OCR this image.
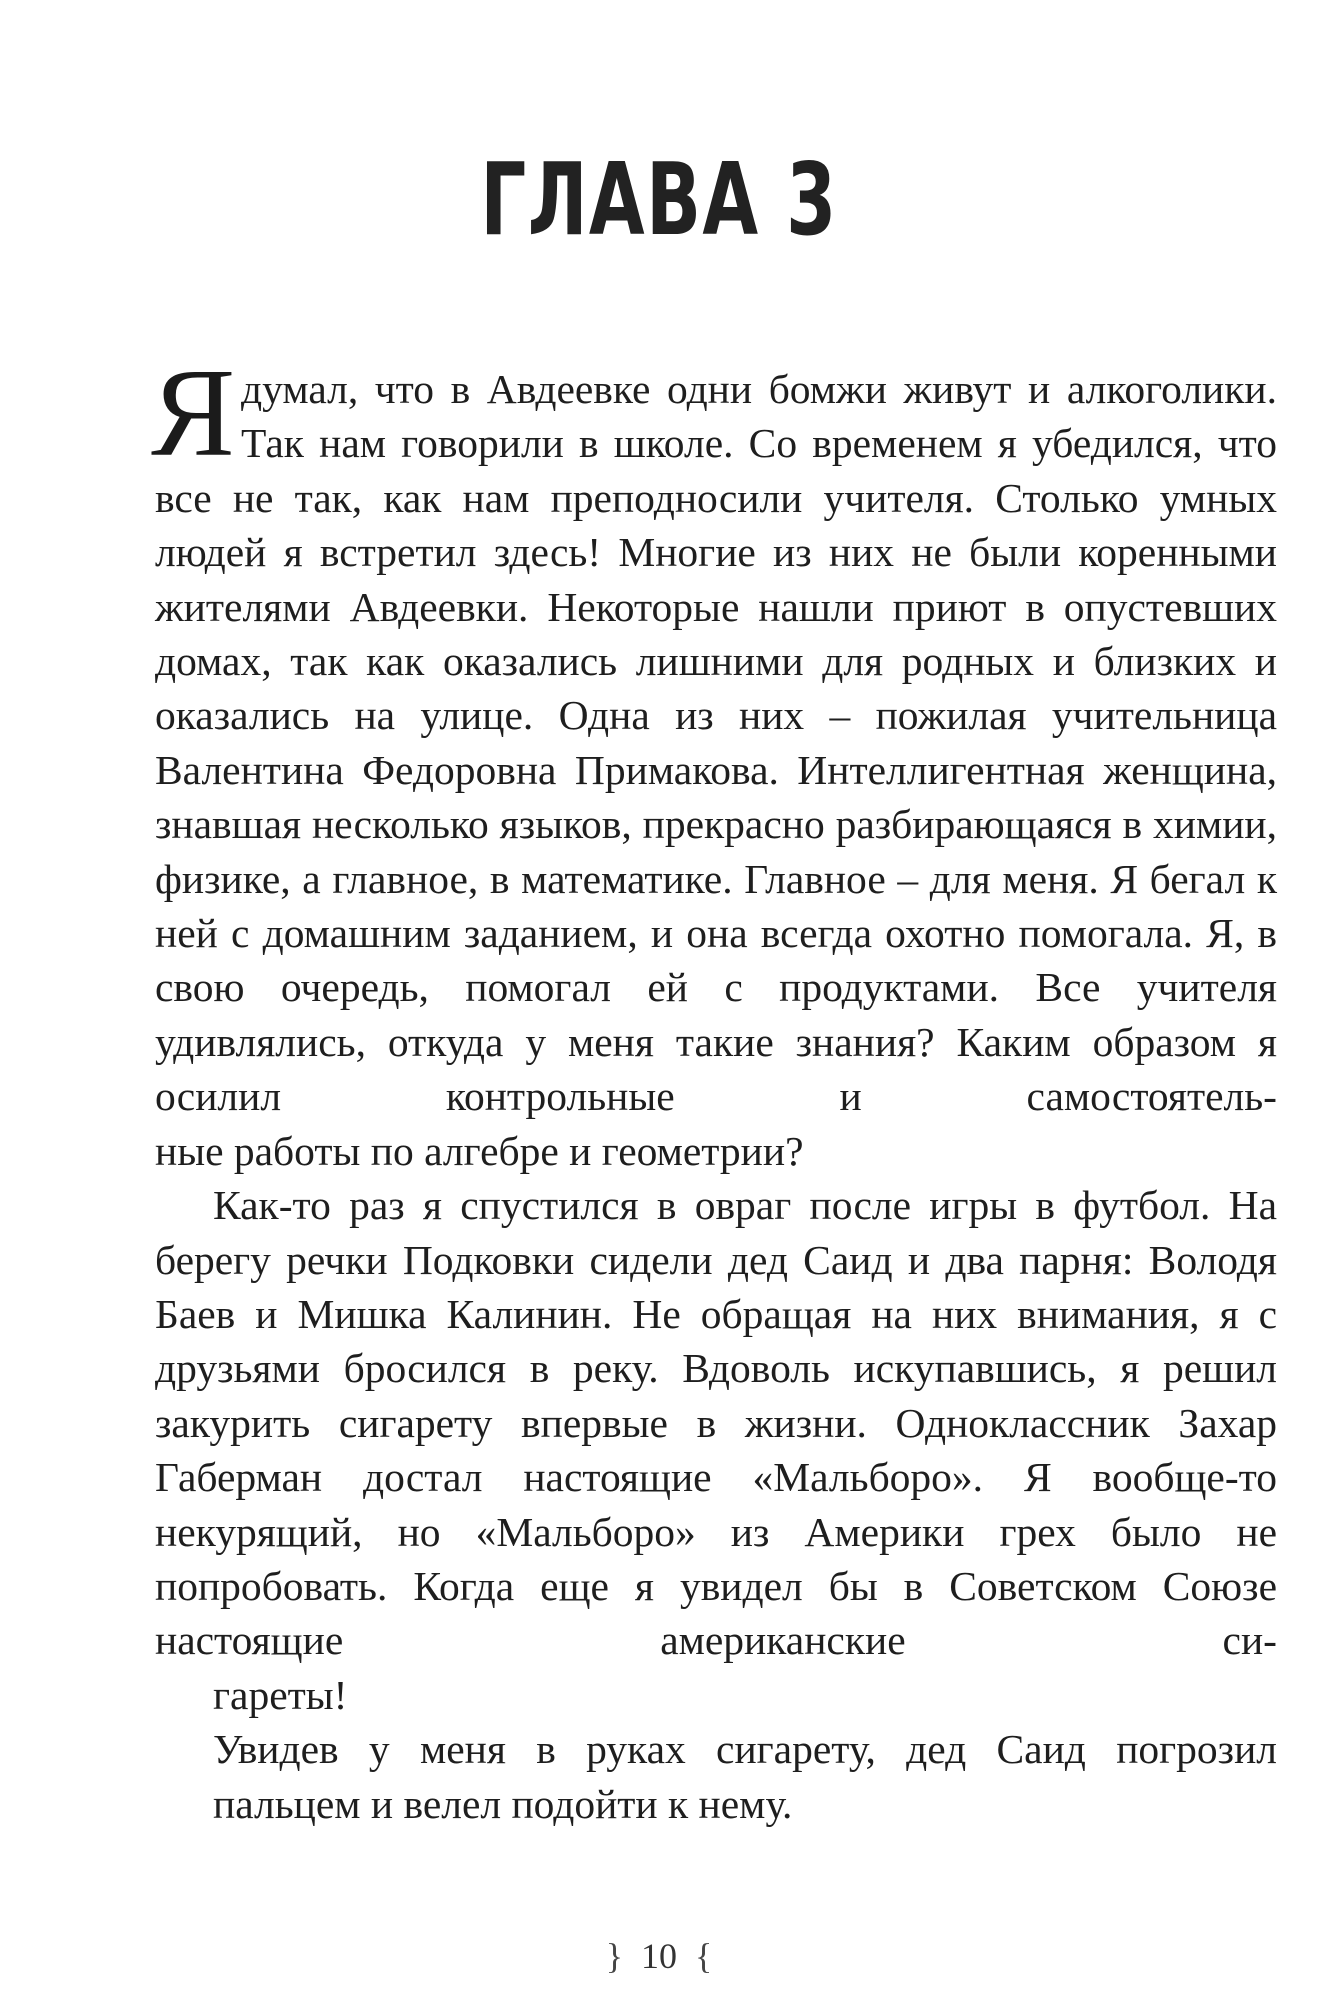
ГЛАВА 3

Ядумал, что в Авдеевке одни бомжи живут и алкоголики. Так нам говорили в школе. Со временем я убедился, что все не так, как нам преподносили учителя. Столько умных людей я встретил здесь! Многие из них не были коренными жителями Авдеевки. Некоторые нашли приют в опустевших домах, так как оказались лишними для родных и близких и оказались на улице. Одна из них – пожилая учительница Валентина Федоровна Примакова. Интеллигентная женщина, знавшая несколько языков, прекрасно разбирающаяся в химии, физике, а главное, в математике. Главное – для меня. Я бегал к ней с домашним заданием, и она всегда охотно помогала. Я, в свою очередь, помогал ей с продуктами. Все учителя удивлялись, откуда у меня такие знания? Каким образом я осилил контрольные и самостоятель-
ные работы по алгебре и геометрии?

Как-то раз я спустился в овраг после игры в футбол. На берегу речки Подковки сидели дед Саид и два парня: Володя Баев и Мишка Калинин. Не обращая на них внимания, я с друзьями бросился в реку. Вдоволь искупавшись, я решил закурить сигарету впервые в жизни. Одноклассник Захар Габерман достал настоящие «Мальборо». Я вообще-то некурящий, но «Мальборо» из Америки грех было не попробовать. Когда еще я увидел бы в Советском Союзе настоящие американские си-
гареты!

Увидев у меня в руках сигарету, дед Саид погрозил
пальцем и велел подойти к нему.

} 10 {
